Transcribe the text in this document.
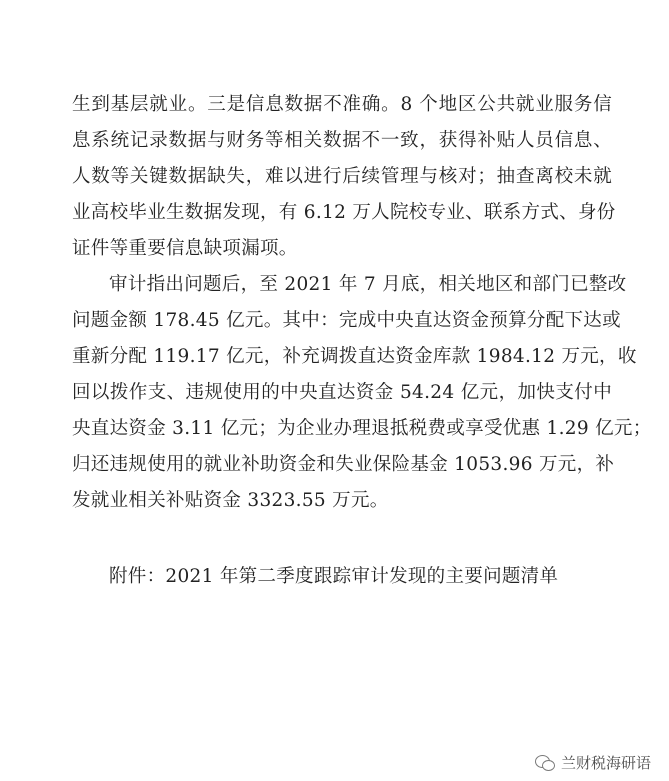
生到基层就业。三是信息数据不准确。8 个地区公共就业服务信
息系统记录数据与财务等相关数据不一致，获得补贴人员信息、
人数等关键数据缺失，难以进行后续管理与核对；抽查离校未就
业高校毕业生数据发现，有 6.12 万人院校专业、联系方式、身份
证件等重要信息缺项漏项。
审计指出问题后，至 2021 年 7 月底，相关地区和部门已整改
问题金额 178.45 亿元。其中：完成中央直达资金预算分配下达或
重新分配 119.17 亿元，补充调拨直达资金库款 1984.12 万元，收
回以拨作支、违规使用的中央直达资金 54.24 亿元，加快支付中
央直达资金 3.11 亿元；为企业办理退抵税费或享受优惠 1.29 亿元；
归还违规使用的就业补助资金和失业保险基金 1053.96 万元，补
发就业相关补贴资金 3323.55 万元。
附件：2021 年第二季度跟踪审计发现的主要问题清单
兰财税海研语
